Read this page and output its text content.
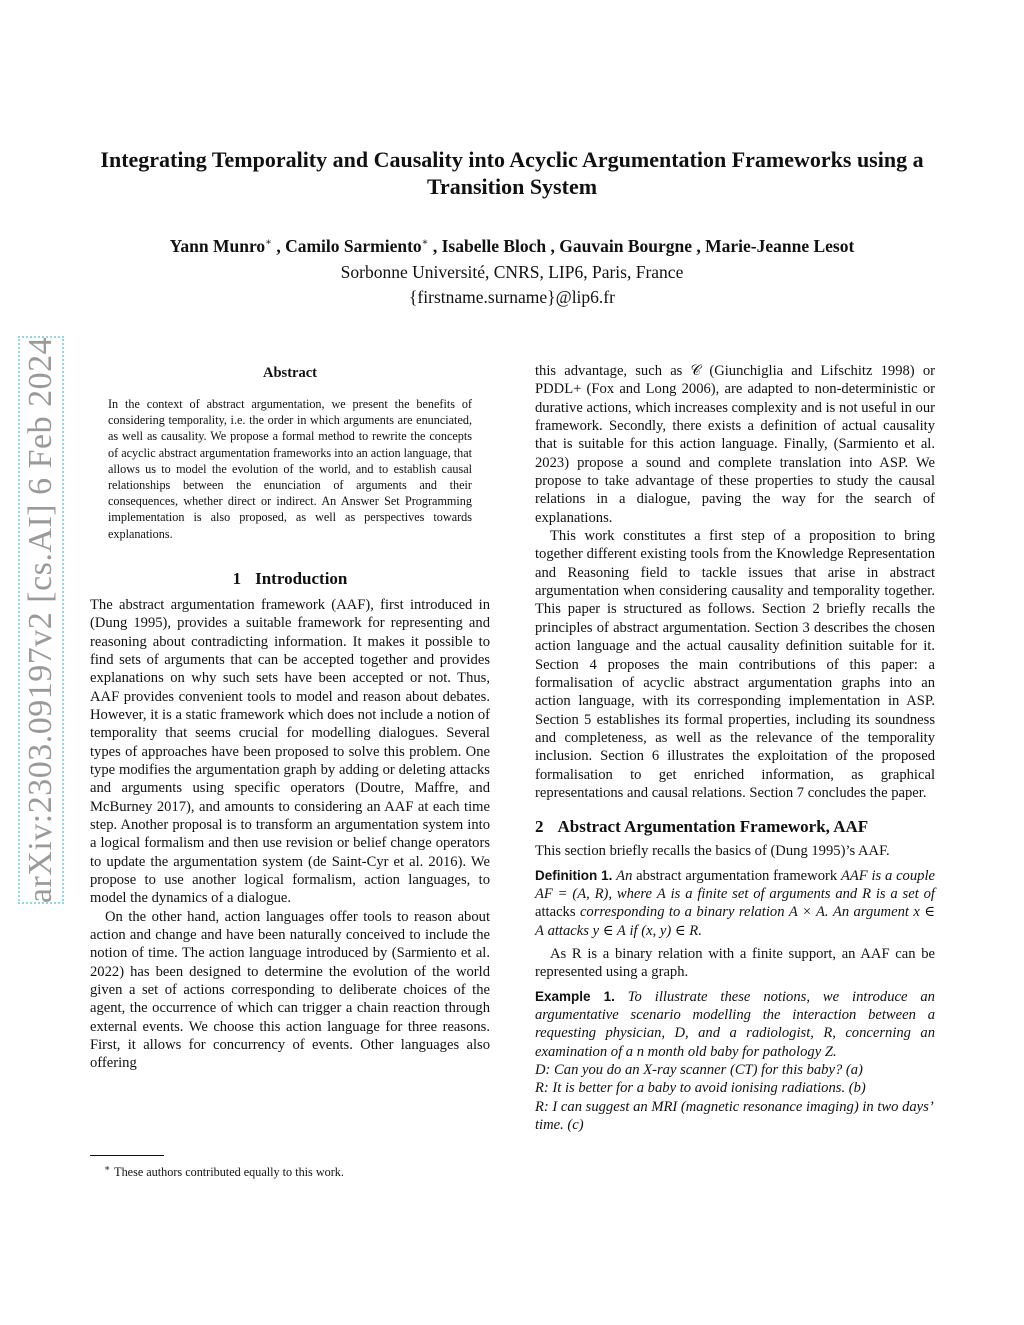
arXiv:2303.09197v2 [cs.AI] 6 Feb 2024
Integrating Temporality and Causality into Acyclic Argumentation Frameworks using a Transition System
Yann Munro∗ , Camilo Sarmiento∗ , Isabelle Bloch , Gauvain Bourgne , Marie-Jeanne Lesot
Sorbonne Université, CNRS, LIP6, Paris, France
{firstname.surname}@lip6.fr
Abstract

In the context of abstract argumentation, we present the benefits of considering temporality, i.e. the order in which arguments are enunciated, as well as causality. We propose a formal method to rewrite the concepts of acyclic abstract argumentation frameworks into an action language, that allows us to model the evolution of the world, and to establish causal relationships between the enunciation of arguments and their consequences, whether direct or indirect. An Answer Set Programming implementation is also proposed, as well as perspectives towards explanations.

1 Introduction

The abstract argumentation framework (AAF), first introduced in (Dung 1995), provides a suitable framework for representing and reasoning about contradicting information. It makes it possible to find sets of arguments that can be accepted together and provides explanations on why such sets have been accepted or not. Thus, AAF provides convenient tools to model and reason about debates. However, it is a static framework which does not include a notion of temporality that seems crucial for modelling dialogues. Several types of approaches have been proposed to solve this problem. One type modifies the argumentation graph by adding or deleting attacks and arguments using specific operators (Doutre, Maffre, and McBurney 2017), and amounts to considering an AAF at each time step. Another proposal is to transform an argumentation system into a logical formalism and then use revision or belief change operators to update the argumentation system (de Saint-Cyr et al. 2016). We propose to use another logical formalism, action languages, to model the dynamics of a dialogue.

On the other hand, action languages offer tools to reason about action and change and have been naturally conceived to include the notion of time. The action language introduced by (Sarmiento et al. 2022) has been designed to determine the evolution of the world given a set of actions corresponding to deliberate choices of the agent, the occurrence of which can trigger a chain reaction through external events. We choose this action language for three reasons. First, it allows for concurrency of events. Other languages also offering

this advantage, such as 𝒞 (Giunchiglia and Lifschitz 1998) or PDDL+ (Fox and Long 2006), are adapted to non-deterministic or durative actions, which increases complexity and is not useful in our framework. Secondly, there exists a definition of actual causality that is suitable for this action language. Finally, (Sarmiento et al. 2023) propose a sound and complete translation into ASP. We propose to take advantage of these properties to study the causal relations in a dialogue, paving the way for the search of explanations.

This work constitutes a first step of a proposition to bring together different existing tools from the Knowledge Representation and Reasoning field to tackle issues that arise in abstract argumentation when considering causality and temporality together. This paper is structured as follows. Section 2 briefly recalls the principles of abstract argumentation. Section 3 describes the chosen action language and the actual causality definition suitable for it. Section 4 proposes the main contributions of this paper: a formalisation of acyclic abstract argumentation graphs into an action language, with its corresponding implementation in ASP. Section 5 establishes its formal properties, including its soundness and completeness, as well as the relevance of the temporality inclusion. Section 6 illustrates the exploitation of the proposed formalisation to get enriched information, as graphical representations and causal relations. Section 7 concludes the paper.

2 Abstract Argumentation Framework, AAF

This section briefly recalls the basics of (Dung 1995)’s AAF.

Definition 1. An abstract argumentation framework AAF is a couple AF = (A, R), where A is a finite set of arguments and R is a set of attacks corresponding to a binary relation A × A. An argument x ∈ A attacks y ∈ A if (x, y) ∈ R.

As R is a binary relation with a finite support, an AAF can be represented using a graph.

Example 1. To illustrate these notions, we introduce an argumentative scenario modelling the interaction between a requesting physician, D, and a radiologist, R, concerning an examination of a n month old baby for pathology Z.

D: Can you do an X-ray scanner (CT) for this baby? (a)
R: It is better for a baby to avoid ionising radiations. (b)
R: I can suggest an MRI (magnetic resonance imaging) in two days’ time. (c)
∗ These authors contributed equally to this work.
